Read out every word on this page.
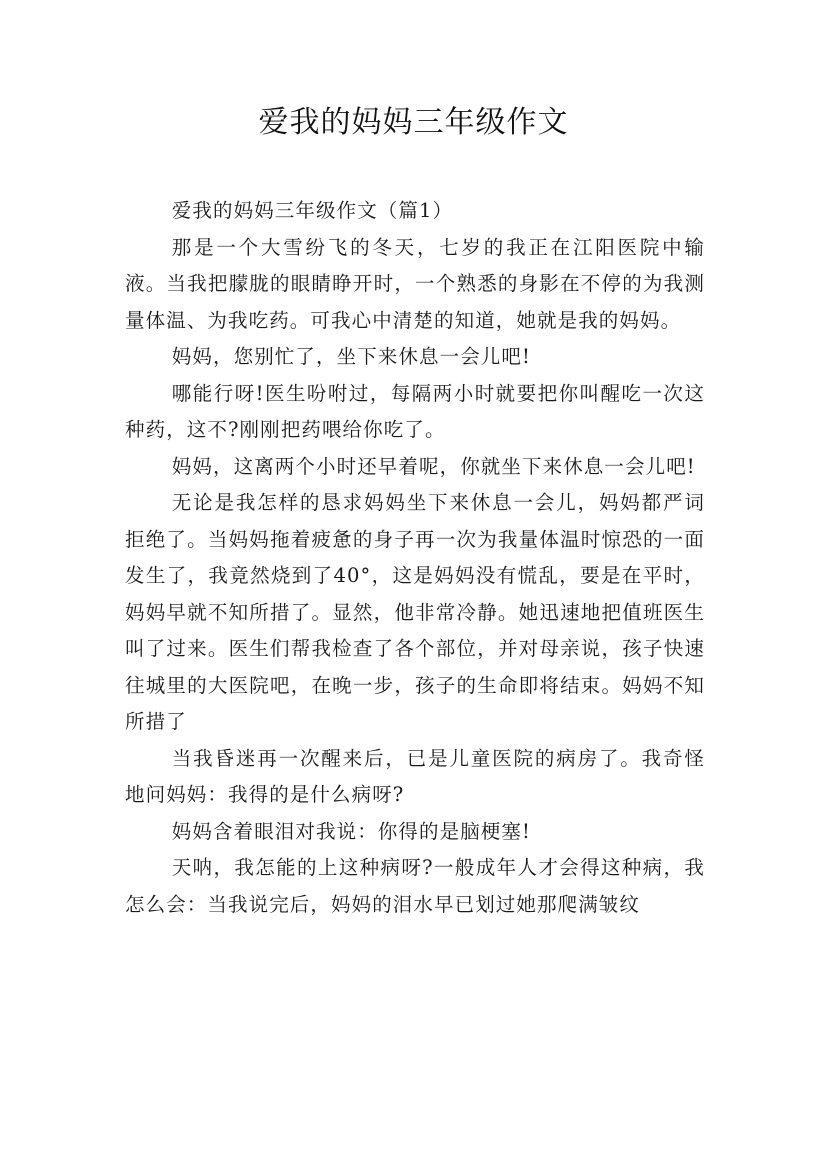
爱我的妈妈三年级作文

爱我的妈妈三年级作文（篇1）

那是一个大雪纷飞的冬天，七岁的我正在江阳医院中输液。当我把朦胧的眼睛睁开时，一个熟悉的身影在不停的为我测量体温、为我吃药。可我心中清楚的知道，她就是我的妈妈。

妈妈，您别忙了，坐下来休息一会儿吧!

哪能行呀!医生吩咐过，每隔两小时就要把你叫醒吃一次这种药，这不?刚刚把药喂给你吃了。

妈妈，这离两个小时还早着呢，你就坐下来休息一会儿吧!

无论是我怎样的恳求妈妈坐下来休息一会儿，妈妈都严词拒绝了。当妈妈拖着疲惫的身子再一次为我量体温时惊恐的一面发生了，我竟然烧到了40°，这是妈妈没有慌乱，要是在平时，妈妈早就不知所措了。显然，他非常冷静。她迅速地把值班医生叫了过来。医生们帮我检查了各个部位，并对母亲说，孩子快速往城里的大医院吧，在晚一步，孩子的生命即将结束。妈妈不知所措了

当我昏迷再一次醒来后，已是儿童医院的病房了。我奇怪地问妈妈：我得的是什么病呀?

妈妈含着眼泪对我说：你得的是脑梗塞!

天呐，我怎能的上这种病呀?一般成年人才会得这种病，我怎么会：当我说完后，妈妈的泪水早已划过她那爬满皱纹
